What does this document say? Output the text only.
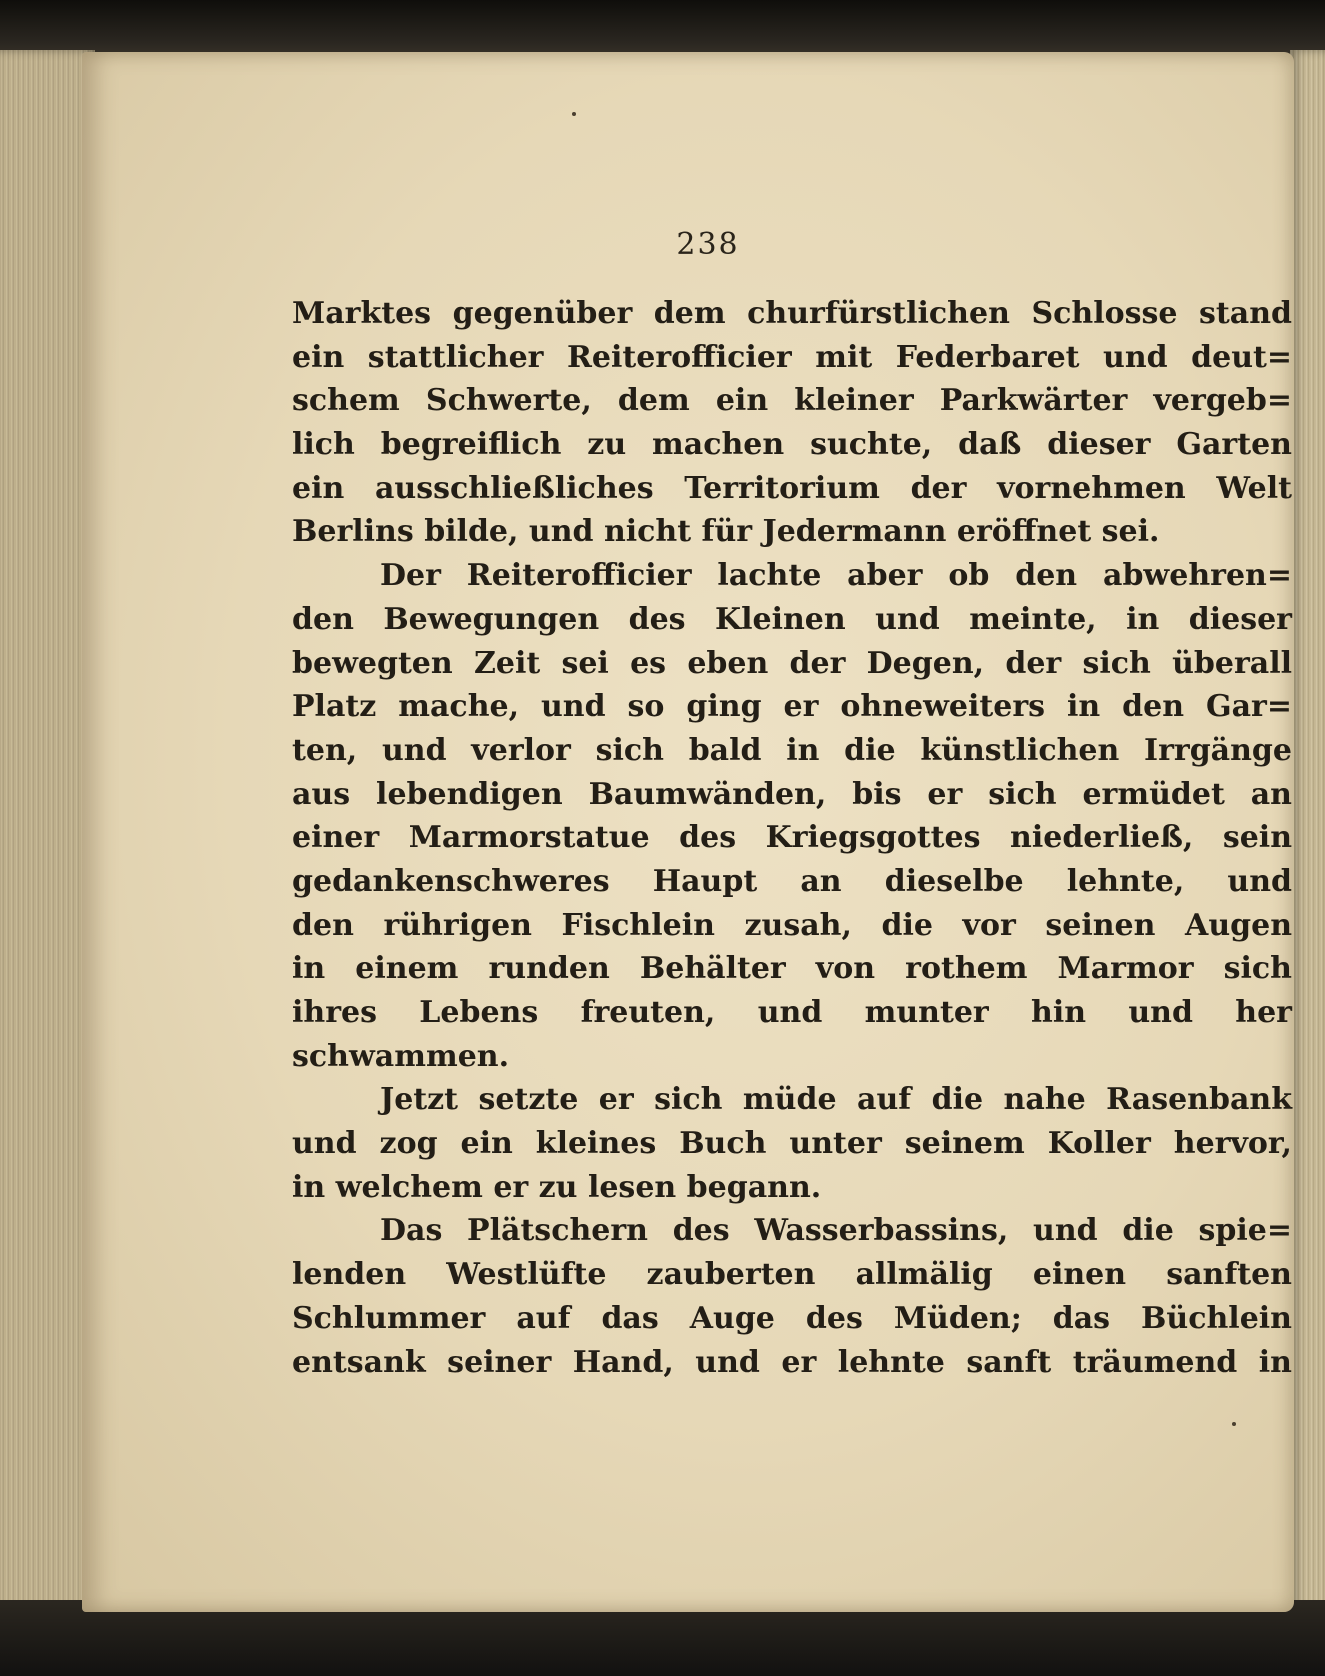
238
Marktes gegenüber dem churfürstlichen Schlosse stand
ein stattlicher Reiterofficier mit Federbaret und deut=
schem Schwerte, dem ein kleiner Parkwärter vergeb=
lich begreiflich zu machen suchte, daß dieser Garten
ein ausschließliches Territorium der vornehmen Welt
Berlins bilde, und nicht für Jedermann eröffnet sei.
Der Reiterofficier lachte aber ob den abwehren=
den Bewegungen des Kleinen und meinte, in dieser
bewegten Zeit sei es eben der Degen, der sich überall
Platz mache, und so ging er ohneweiters in den Gar=
ten, und verlor sich bald in die künstlichen Irrgänge
aus lebendigen Baumwänden, bis er sich ermüdet an
einer Marmorstatue des Kriegsgottes niederließ, sein
gedankenschweres Haupt an dieselbe lehnte, und
den rührigen Fischlein zusah, die vor seinen Augen
in einem runden Behälter von rothem Marmor sich
ihres Lebens freuten, und munter hin und her
schwammen.
Jetzt setzte er sich müde auf die nahe Rasenbank
und zog ein kleines Buch unter seinem Koller hervor,
in welchem er zu lesen begann.
Das Plätschern des Wasserbassins, und die spie=
lenden Westlüfte zauberten allmälig einen sanften
Schlummer auf das Auge des Müden; das Büchlein
entsank seiner Hand, und er lehnte sanft träumend in
